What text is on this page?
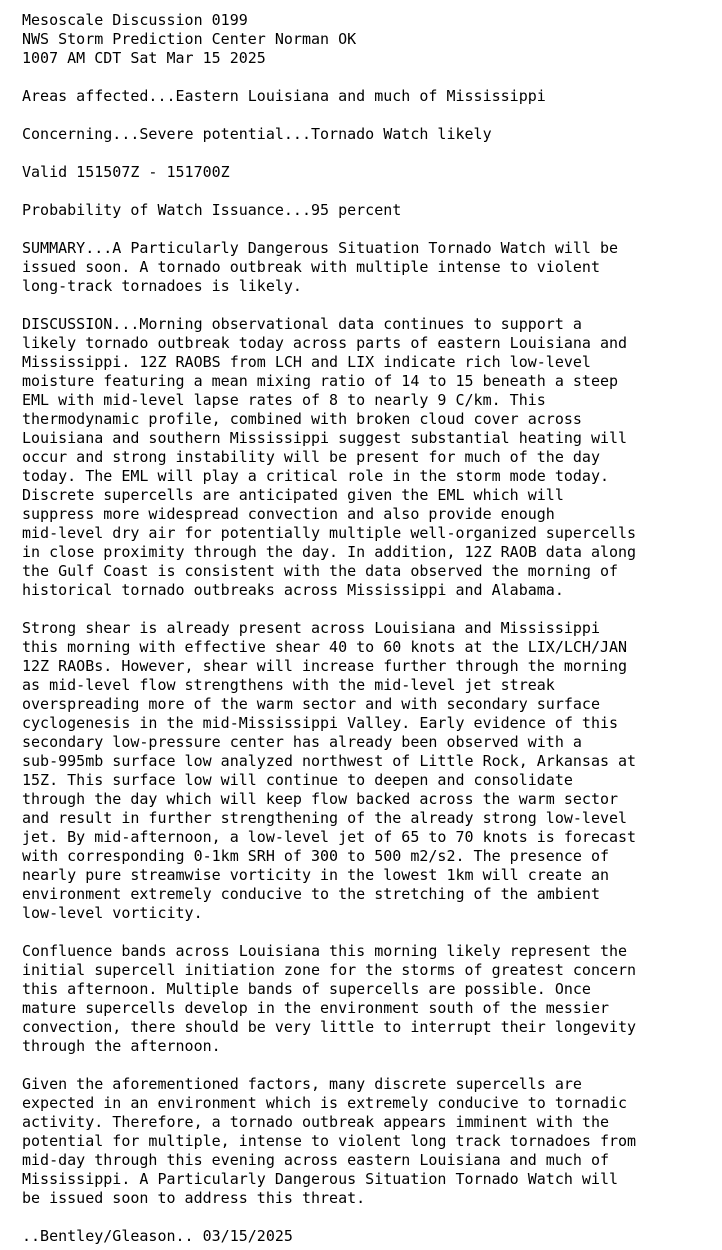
Mesoscale Discussion 0199
NWS Storm Prediction Center Norman OK
1007 AM CDT Sat Mar 15 2025
Areas affected...Eastern Louisiana and much of Mississippi
Concerning...Severe potential...Tornado Watch likely
Valid 151507Z - 151700Z
Probability of Watch Issuance...95 percent
SUMMARY...A Particularly Dangerous Situation Tornado Watch will be
issued soon. A tornado outbreak with multiple intense to violent
long-track tornadoes is likely.
DISCUSSION...Morning observational data continues to support a
likely tornado outbreak today across parts of eastern Louisiana and
Mississippi. 12Z RAOBS from LCH and LIX indicate rich low-level
moisture featuring a mean mixing ratio of 14 to 15 beneath a steep
EML with mid-level lapse rates of 8 to nearly 9 C/km. This
thermodynamic profile, combined with broken cloud cover across
Louisiana and southern Mississippi suggest substantial heating will
occur and strong instability will be present for much of the day
today. The EML will play a critical role in the storm mode today.
Discrete supercells are anticipated given the EML which will
suppress more widespread convection and also provide enough
mid-level dry air for potentially multiple well-organized supercells
in close proximity through the day. In addition, 12Z RAOB data along
the Gulf Coast is consistent with the data observed the morning of
historical tornado outbreaks across Mississippi and Alabama.
Strong shear is already present across Louisiana and Mississippi
this morning with effective shear 40 to 60 knots at the LIX/LCH/JAN
12Z RAOBs. However, shear will increase further through the morning
as mid-level flow strengthens with the mid-level jet streak
overspreading more of the warm sector and with secondary surface
cyclogenesis in the mid-Mississippi Valley. Early evidence of this
secondary low-pressure center has already been observed with a
sub-995mb surface low analyzed northwest of Little Rock, Arkansas at
15Z. This surface low will continue to deepen and consolidate
through the day which will keep flow backed across the warm sector
and result in further strengthening of the already strong low-level
jet. By mid-afternoon, a low-level jet of 65 to 70 knots is forecast
with corresponding 0-1km SRH of 300 to 500 m2/s2. The presence of
nearly pure streamwise vorticity in the lowest 1km will create an
environment extremely conducive to the stretching of the ambient
low-level vorticity.
Confluence bands across Louisiana this morning likely represent the
initial supercell initiation zone for the storms of greatest concern
this afternoon. Multiple bands of supercells are possible. Once
mature supercells develop in the environment south of the messier
convection, there should be very little to interrupt their longevity
through the afternoon.
Given the aforementioned factors, many discrete supercells are
expected in an environment which is extremely conducive to tornadic
activity. Therefore, a tornado outbreak appears imminent with the
potential for multiple, intense to violent long track tornadoes from
mid-day through this evening across eastern Louisiana and much of
Mississippi. A Particularly Dangerous Situation Tornado Watch will
be issued soon to address this threat.
..Bentley/Gleason.. 03/15/2025
